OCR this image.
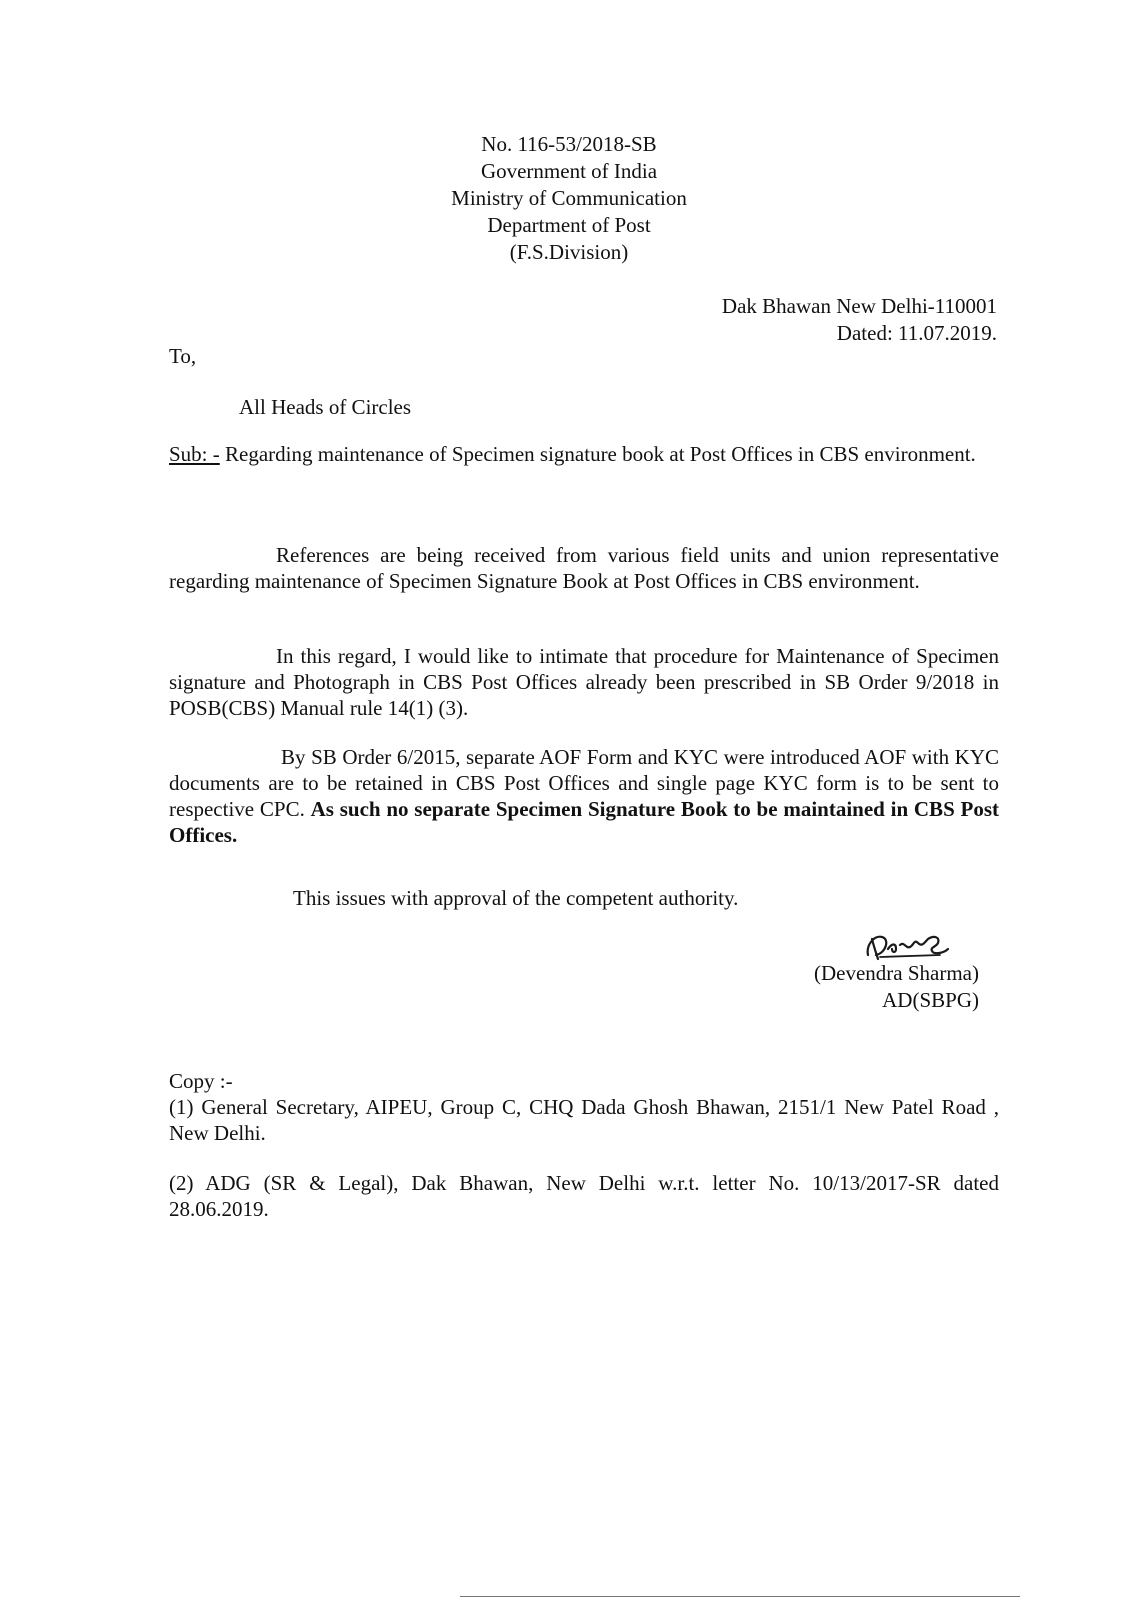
No. 116-53/2018-SB
Government of India
Ministry of Communication
Department of Post
(F.S.Division)
Dak Bhawan New Delhi-110001
Dated: 11.07.2019.
To,
All Heads of Circles
Sub: - Regarding maintenance of Specimen signature book at Post Offices in CBS environment.
References are being received from various field units and union representative regarding maintenance of Specimen Signature Book at Post Offices in CBS environment.
In this regard, I would like to intimate that procedure for Maintenance of Specimen signature and Photograph in CBS Post Offices already been prescribed in SB Order 9/2018 in POSB(CBS) Manual rule 14(1) (3).
By SB Order 6/2015, separate AOF Form and KYC were introduced AOF with KYC documents are to be retained in CBS Post Offices and single page KYC form is to be sent to respective CPC. As such no separate Specimen Signature Book to be maintained in CBS Post Offices.
This issues with approval of the competent authority.
(Devendra Sharma)
AD(SBPG)
Copy :-
(1) General Secretary, AIPEU, Group C, CHQ Dada Ghosh Bhawan, 2151/1 New Patel Road , New Delhi.
(2) ADG (SR & Legal), Dak Bhawan, New Delhi w.r.t. letter No. 10/13/2017-SR dated 28.06.2019.
